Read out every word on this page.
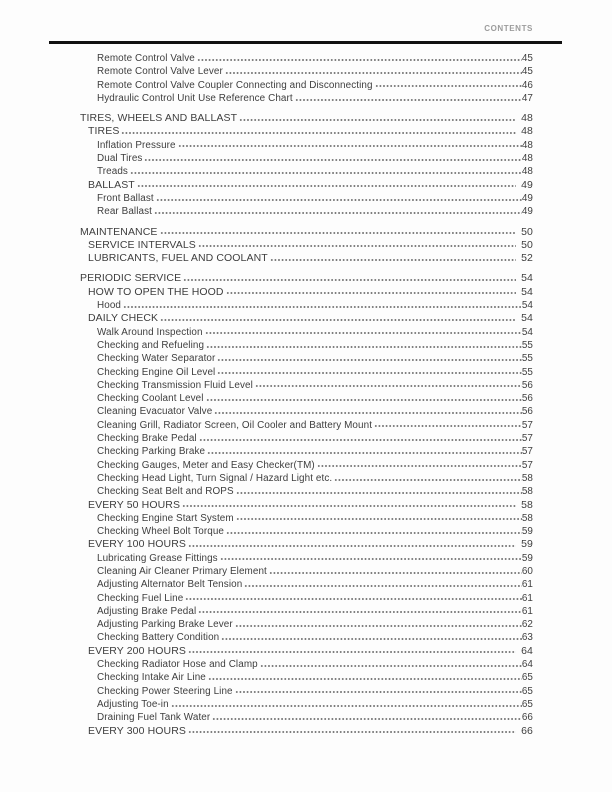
CONTENTS
Remote Control Valve	45
Remote Control Valve Lever	45
Remote Control Valve Coupler Connecting and Disconnecting	46
Hydraulic Control Unit Use Reference Chart	47
TIRES, WHEELS AND BALLAST	48
TIRES	48
Inflation Pressure	48
Dual Tires	48
Treads	48
BALLAST	49
Front Ballast	49
Rear Ballast	49
MAINTENANCE	50
SERVICE INTERVALS	50
LUBRICANTS, FUEL AND COOLANT	52
PERIODIC SERVICE	54
HOW TO OPEN THE HOOD	54
Hood	54
DAILY CHECK	54
Walk Around Inspection	54
Checking and Refueling	55
Checking Water Separator	55
Checking Engine Oil Level	55
Checking Transmission Fluid Level	56
Checking Coolant Level	56
Cleaning Evacuator Valve	56
Cleaning Grill, Radiator Screen, Oil Cooler and Battery Mount	57
Checking Brake Pedal	57
Checking Parking Brake	57
Checking Gauges, Meter and Easy Checker(TM)	57
Checking Head Light, Turn Signal / Hazard Light etc.	58
Checking Seat Belt and ROPS	58
EVERY 50 HOURS	58
Checking Engine Start System	58
Checking Wheel Bolt Torque	59
EVERY 100 HOURS	59
Lubricating Grease Fittings	59
Cleaning Air Cleaner Primary Element	60
Adjusting Alternator Belt Tension	61
Checking Fuel Line	61
Adjusting Brake Pedal	61
Adjusting Parking Brake Lever	62
Checking Battery Condition	63
EVERY 200 HOURS	64
Checking Radiator Hose and Clamp	64
Checking Intake Air Line	65
Checking Power Steering Line	65
Adjusting Toe-in	65
Draining Fuel Tank Water	66
EVERY 300 HOURS	66
